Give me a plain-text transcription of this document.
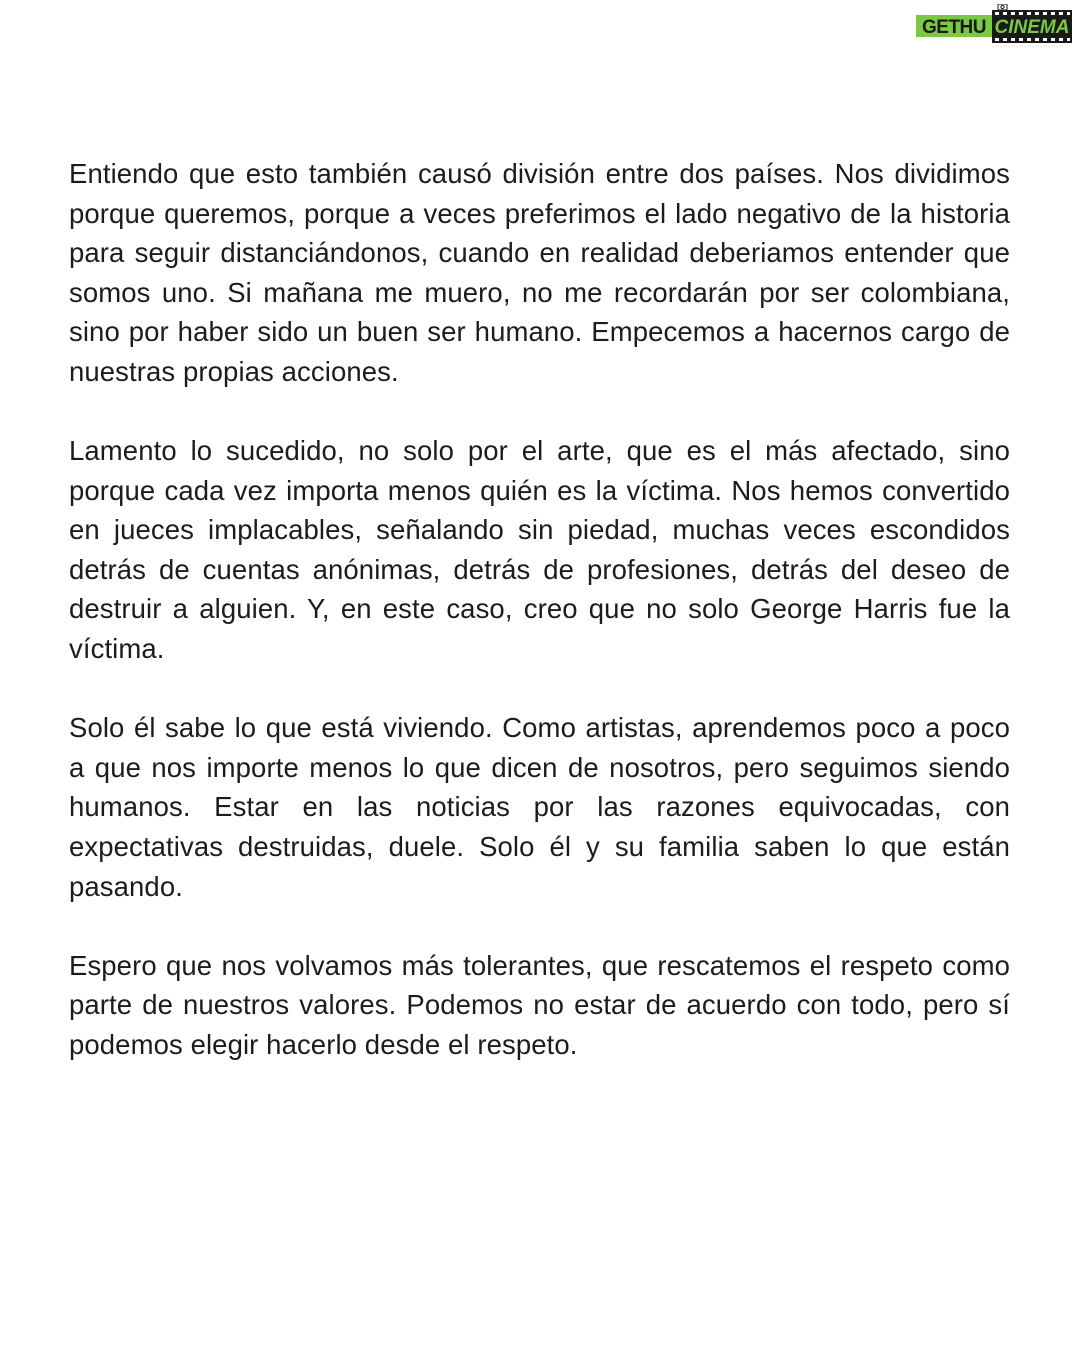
GETHU CINEMA

Entiendo que esto también causó división entre dos países. Nos dividimos porque queremos, porque a veces preferimos el lado negativo de la historia para seguir distanciándonos, cuando en realidad deberiamos entender que somos uno. Si mañana me muero, no me recordarán por ser colombiana, sino por haber sido un buen ser humano. Empecemos a hacernos cargo de nuestras propias acciones.

Lamento lo sucedido, no solo por el arte, que es el más afectado, sino porque cada vez importa menos quién es la víctima. Nos hemos convertido en jueces implacables, señalando sin piedad, muchas veces escondidos detrás de cuentas anónimas, detrás de profesiones, detrás del deseo de destruir a alguien. Y, en este caso, creo que no solo George Harris fue la víctima.

Solo él sabe lo que está viviendo. Como artistas, aprendemos poco a poco a que nos importe menos lo que dicen de nosotros, pero seguimos siendo humanos. Estar en las noticias por las razones equivocadas, con expectativas destruidas, duele. Solo él y su familia saben lo que están pasando.

Espero que nos volvamos más tolerantes, que rescatemos el respeto como parte de nuestros valores. Podemos no estar de acuerdo con todo, pero sí podemos elegir hacerlo desde el respeto.
